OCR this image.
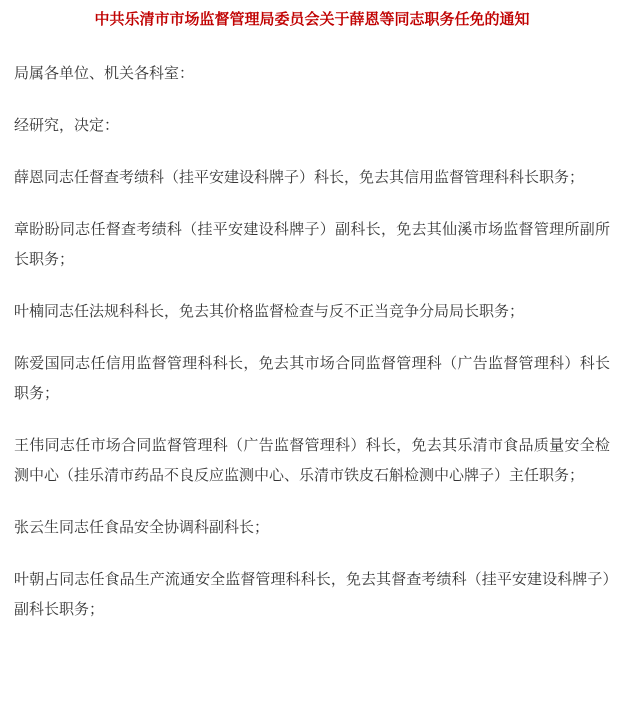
中共乐清市市场监督管理局委员会关于薛恩等同志职务任免的通知

局属各单位、机关各科室：

经研究，决定：

薛恩同志任督查考绩科（挂平安建设科牌子）科长，免去其信用监督管理科科长职务；

章盼盼同志任督查考绩科（挂平安建设科牌子）副科长，免去其仙溪市场监督管理所副所长职务；

叶楠同志任法规科科长，免去其价格监督检查与反不正当竞争分局局长职务；

陈爱国同志任信用监督管理科科长，免去其市场合同监督管理科（广告监督管理科）科长职务；

王伟同志任市场合同监督管理科（广告监督管理科）科长，免去其乐清市食品质量安全检测中心（挂乐清市药品不良反应监测中心、乐清市铁皮石斛检测中心牌子）主任职务；

张云生同志任食品安全协调科副科长；

叶朝占同志任食品生产流通安全监督管理科科长，免去其督查考绩科（挂平安建设科牌子）副科长职务；
